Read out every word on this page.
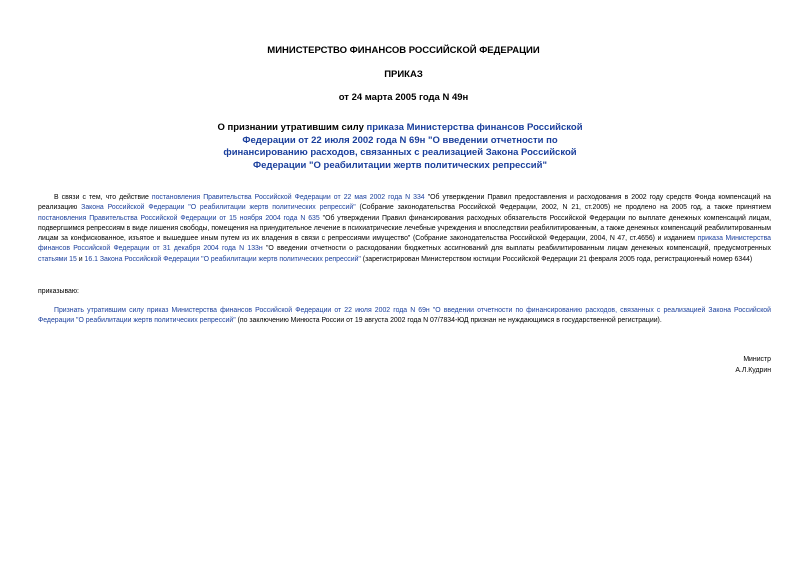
МИНИСТЕРСТВО ФИНАНСОВ РОССИЙСКОЙ ФЕДЕРАЦИИ
ПРИКАЗ
от 24 марта 2005 года N 49н
О признании утратившим силу приказа Министерства финансов Российской Федерации от 22 июля 2002 года N 69н "О введении отчетности по финансированию расходов, связанных с реализацией Закона Российской Федерации "О реабилитации жертв политических репрессий"
В связи с тем, что действие постановления Правительства Российской Федерации от 22 мая 2002 года N 334 "Об утверждении Правил предоставления и расходования в 2002 году средств Фонда компенсаций на реализацию Закона Российской Федерации "О реабилитации жертв политических репрессий" (Собрание законодательства Российской Федерации, 2002, N 21, ст.2005) не продлено на 2005 год, а также принятием постановления Правительства Российской Федерации от 15 ноября 2004 года N 635 "Об утверждении Правил финансирования расходных обязательств Российской Федерации по выплате денежных компенсаций лицам, подвергшимся репрессиям в виде лишения свободы, помещения на принудительное лечение в психиатрические лечебные учреждения и впоследствии реабилитированным, а также денежных компенсаций реабилитированным лицам за конфискованное, изъятое и вышедшее иным путем из их владения в связи с репрессиями имущество" (Собрание законодательства Российской Федерации, 2004, N 47, ст.4656) и изданием приказа Министерства финансов Российской Федерации от 31 декабря 2004 года N 133н "О введении отчетности о расходовании бюджетных ассигнований для выплаты реабилитированным лицам денежных компенсаций, предусмотренных статьями 15 и 16.1 Закона Российской Федерации "О реабилитации жертв политических репрессий" (зарегистрирован Министерством юстиции Российской Федерации 21 февраля 2005 года, регистрационный номер 6344)
приказываю:
Признать утратившим силу приказ Министерства финансов Российской Федерации от 22 июля 2002 года N 69н "О введении отчетности по финансированию расходов, связанных с реализацией Закона Российской Федерации "О реабилитации жертв политических репрессий" (по заключению Минюста России от 19 августа 2002 года N 07/7834-ЮД признан не нуждающимся в государственной регистрации).
Министр
А.Л.Кудрин
